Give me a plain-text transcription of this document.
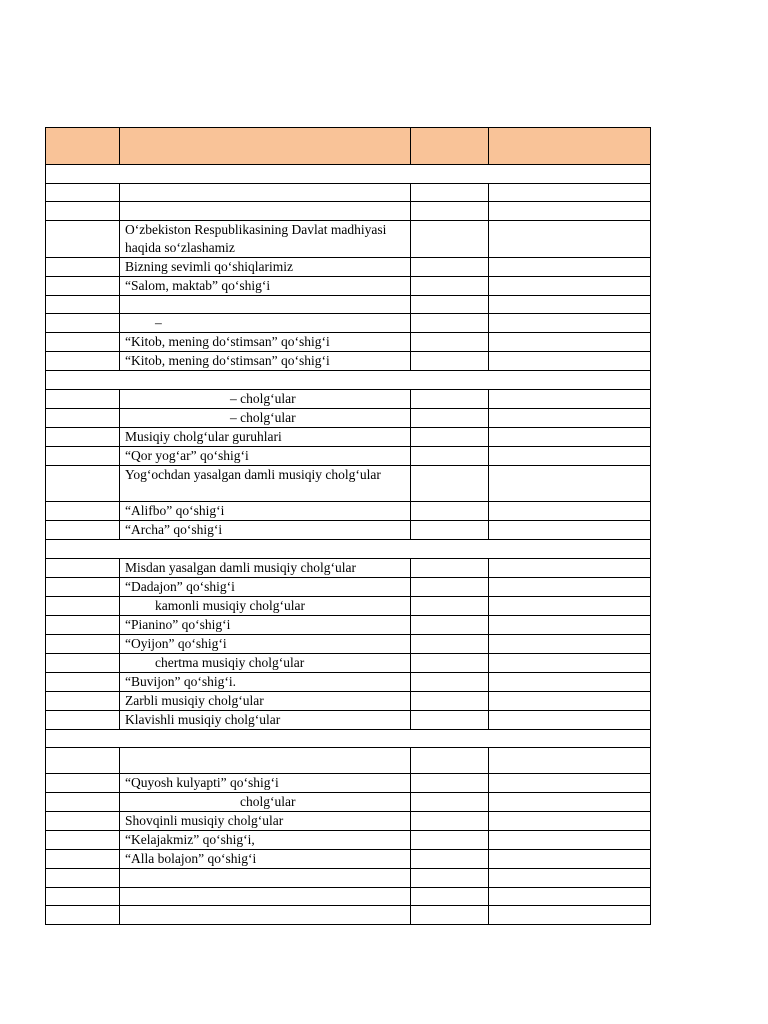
	O‘zbekiston Respublikasining Davlat madhiyasi haqida so‘zlashamiz		
	Bizning sevimli qo‘shiqlarimiz		
	“Salom, maktab” qo‘shig‘i		

	–		
	“Kitob, mening do‘stimsan” qo‘shig‘i		
	“Kitob, mening do‘stimsan” qo‘shig‘i		

	– cholg‘ular		
	– cholg‘ular		
	Musiqiy cholg‘ular guruhlari		
	“Qor yog‘ar” qo‘shig‘i		
	Yog‘ochdan yasalgan damli musiqiy cholg‘ular		
	“Alifbo” qo‘shig‘i		
	“Archa” qo‘shig‘i		

	Misdan yasalgan damli musiqiy cholg‘ular		
	“Dadajon” qo‘shig‘i		
	kamonli musiqiy cholg‘ular		
	“Pianino” qo‘shig‘i		
	“Oyijon” qo‘shig‘i		
	chertma musiqiy cholg‘ular		
	“Buvijon” qo‘shig‘i.		
	Zarbli musiqiy cholg‘ular		
	Klavishli musiqiy cholg‘ular		

	“Quyosh kulyapti” qo‘shig‘i		
	cholg‘ular		
	Shovqinli musiqiy cholg‘ular		
	“Kelajakmiz” qo‘shig‘i,		
	“Alla bolajon” qo‘shig‘i		
